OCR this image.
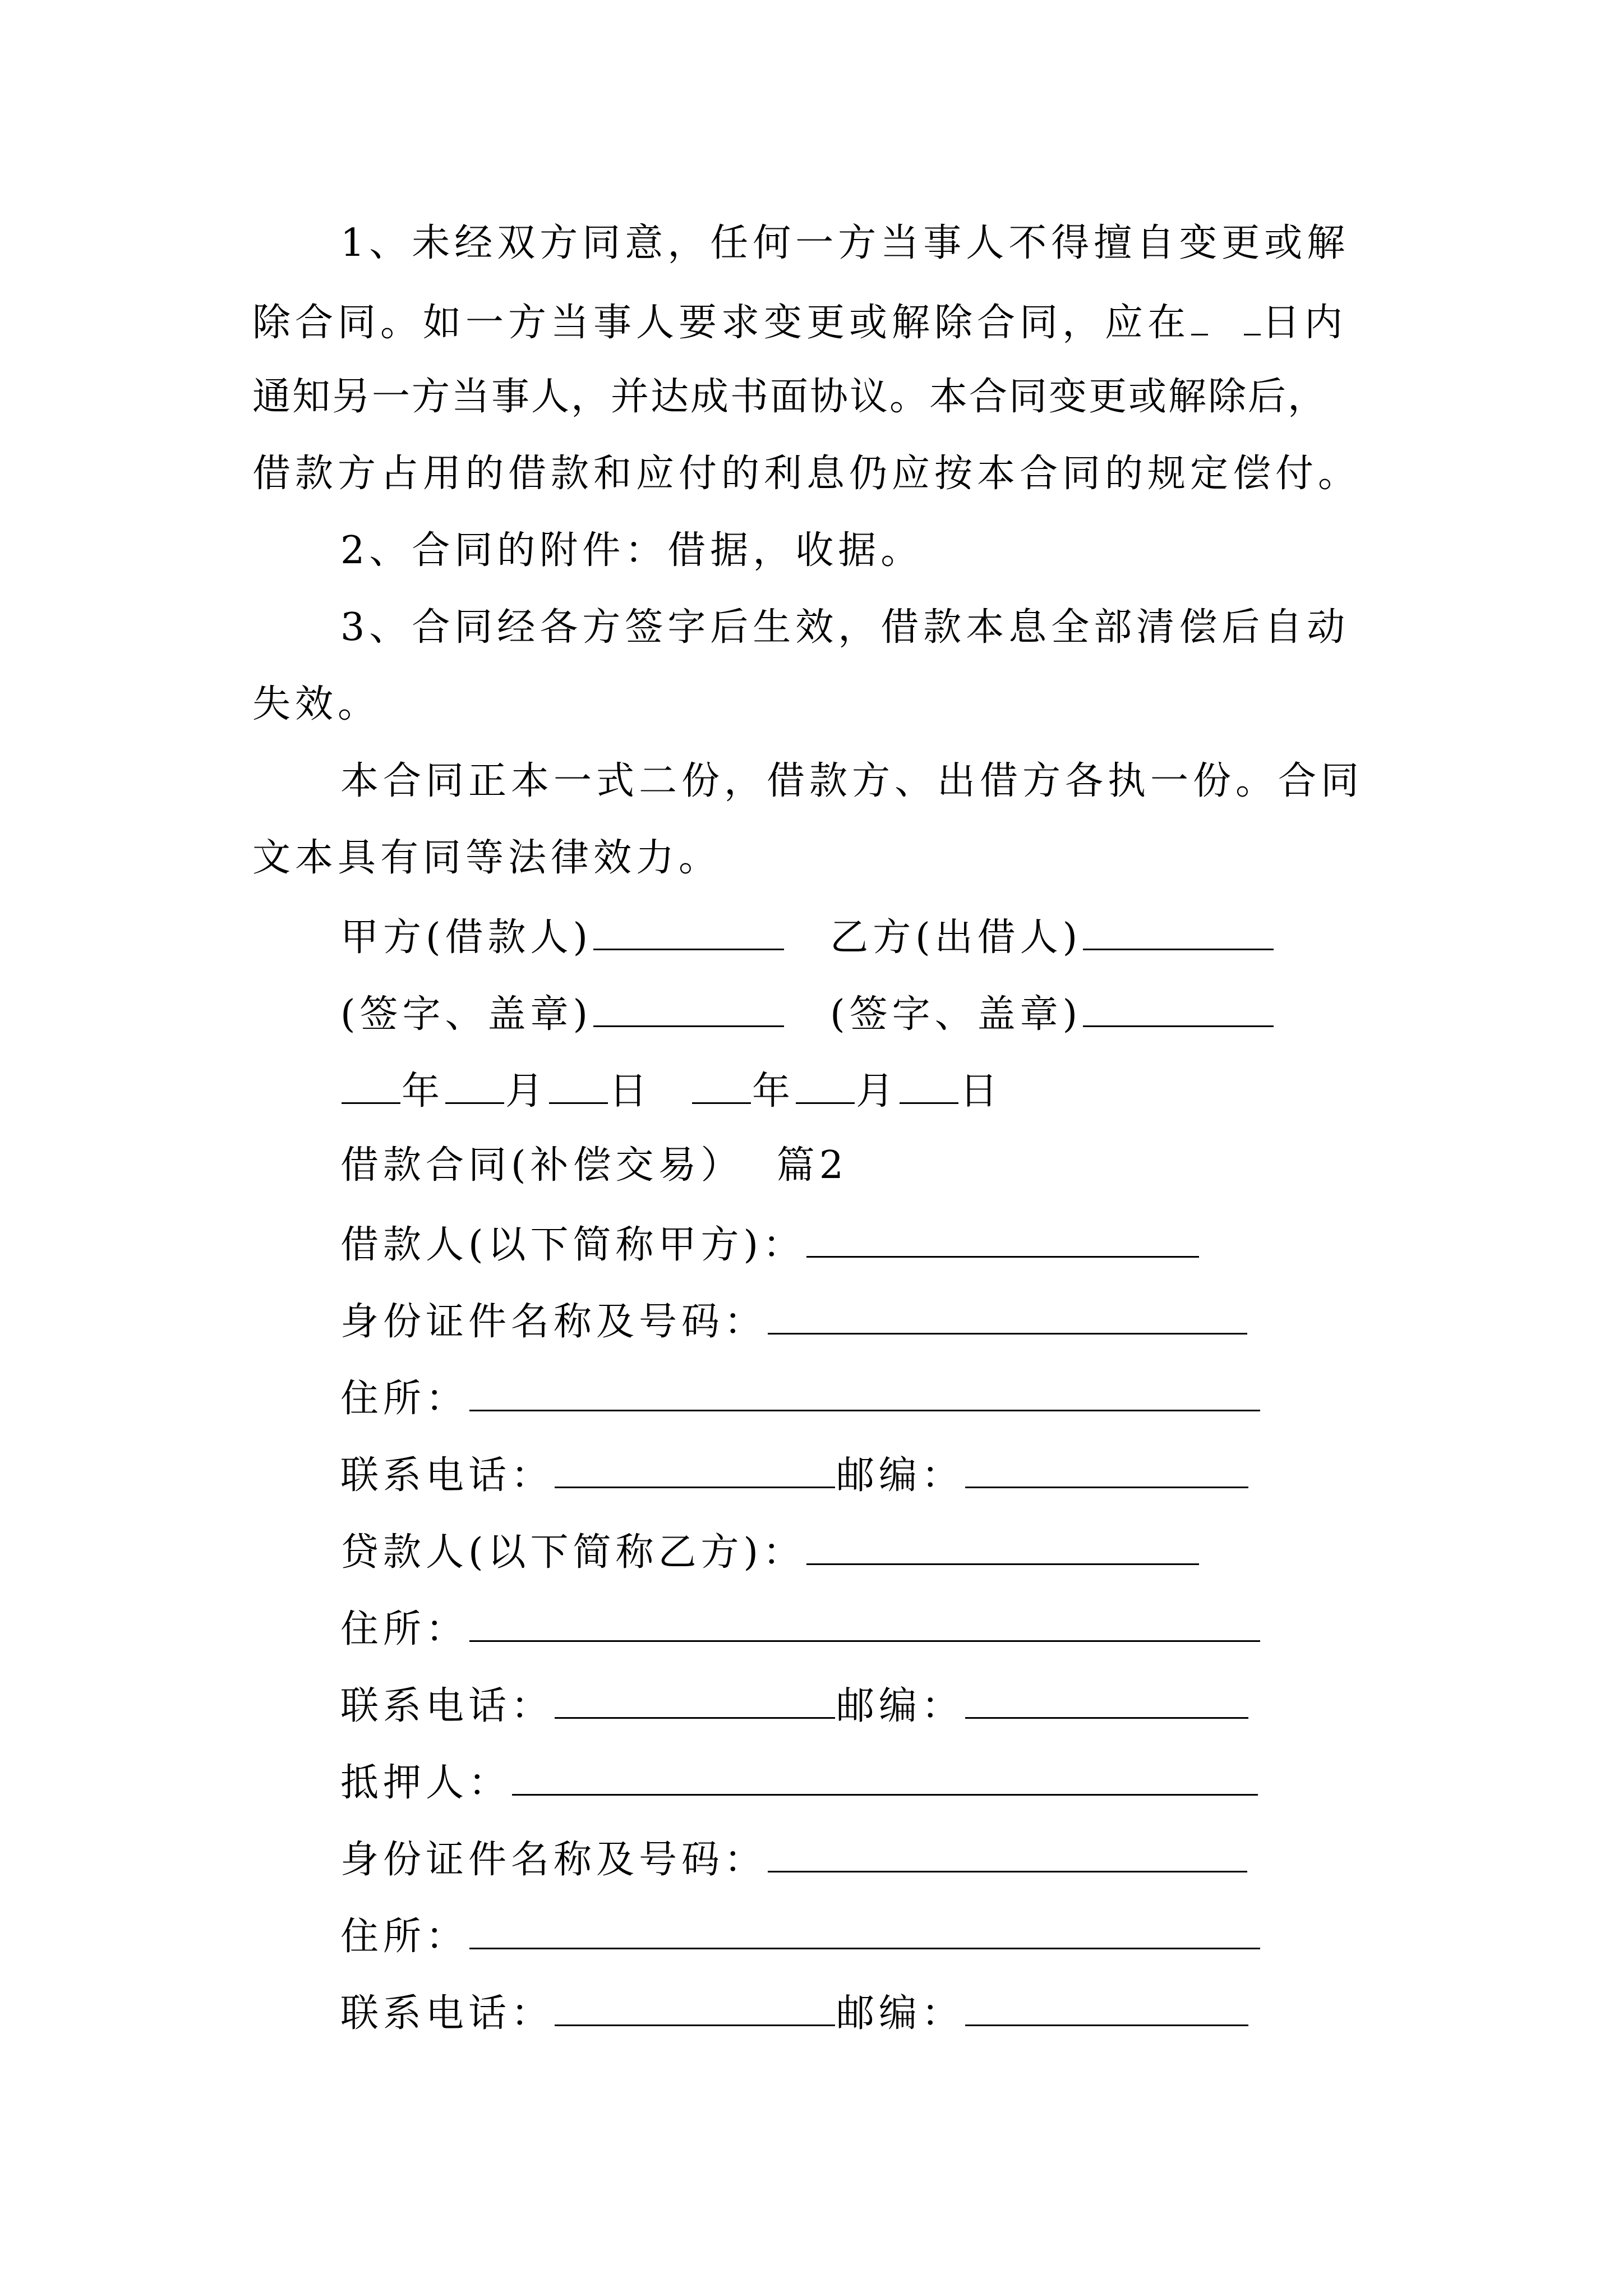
1、未经双方同意，任何一方当事人不得擅自变更或解
除合同。如一方当事人要求变更或解除合同，应在 日内
通知另一方当事人，并达成书面协议。本合同变更或解除后，
借款方占用的借款和应付的利息仍应按本合同的规定偿付。
2、合同的附件：借据，收据。
3、合同经各方签字后生效，借款本息全部清偿后自动
失效。
本合同正本一式二份，借款方、出借方各执一份。合同
文本具有同等法律效力。
甲方(借款人)	乙方(出借人)
(签字、盖章)	(签字、盖章)
年 月 日	年 月 日
借款合同(补偿交易）  篇2
借款人(以下简称甲方)：
身份证件名称及号码：
住所：
联系电话：	邮编：
贷款人(以下简称乙方)：
住所：
联系电话：	邮编：
抵押人：
身份证件名称及号码：
住所：
联系电话：	邮编：
